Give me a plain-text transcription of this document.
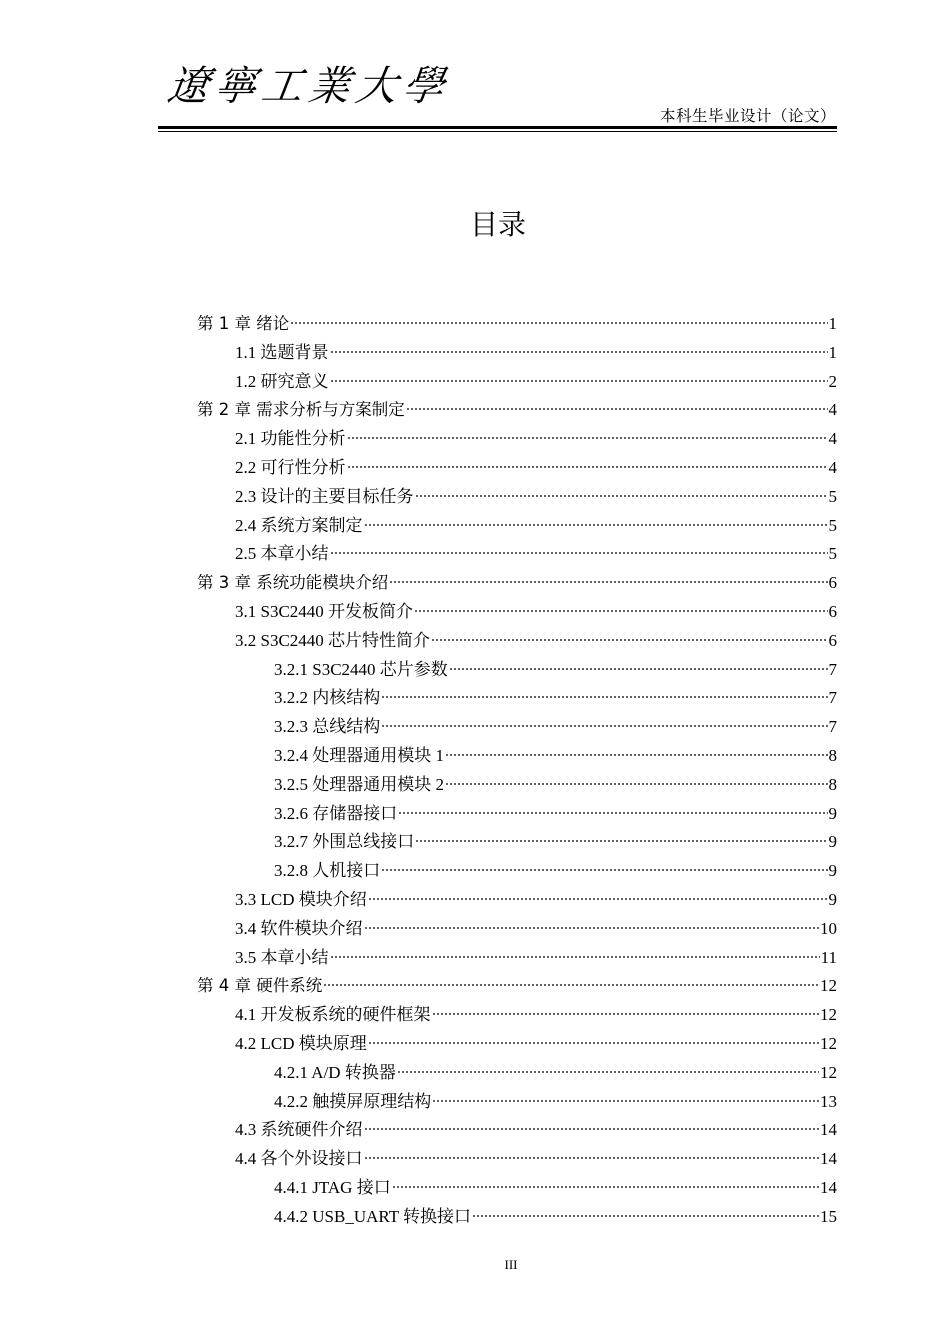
遼寧工業大學
本科生毕业设计（论文）
目录
第 1 章 绪论	1
1.1 选题背景	1
1.2 研究意义	2
第 2 章 需求分析与方案制定	4
2.1 功能性分析	4
2.2 可行性分析	4
2.3 设计的主要目标任务	5
2.4 系统方案制定	5
2.5 本章小结	5
第 3 章 系统功能模块介绍	6
3.1 S3C2440 开发板简介	6
3.2 S3C2440 芯片特性简介	6
3.2.1 S3C2440 芯片参数	7
3.2.2 内核结构	7
3.2.3 总线结构	7
3.2.4 处理器通用模块 1	8
3.2.5 处理器通用模块 2	8
3.2.6 存储器接口	9
3.2.7 外围总线接口	9
3.2.8 人机接口	9
3.3 LCD 模块介绍	9
3.4 软件模块介绍	10
3.5 本章小结	11
第 4 章 硬件系统	12
4.1 开发板系统的硬件框架	12
4.2 LCD 模块原理	12
4.2.1 A/D 转换器	12
4.2.2 触摸屏原理结构	13
4.3 系统硬件介绍	14
4.4 各个外设接口	14
4.4.1 JTAG 接口	14
4.4.2 USB_UART 转换接口	15
III
